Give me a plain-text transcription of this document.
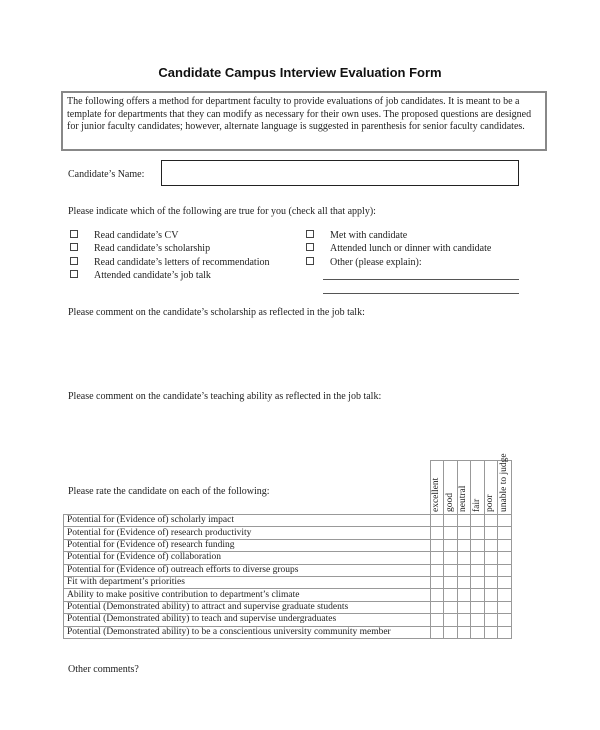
Candidate Campus Interview Evaluation Form
The following offers a method for department faculty to provide evaluations of job candidates. It is meant to be a template for departments that they can modify as necessary for their own uses. The proposed questions are designed for junior faculty candidates; however, alternate language is suggested in parenthesis for senior faculty candidates.
Candidate’s Name:
Please indicate which of the following are true for you (check all that apply):
Read candidate’s CV
Read candidate’s scholarship
Read candidate’s letters of recommendation
Attended candidate’s job talk
Met with candidate
Attended lunch or dinner with candidate
Other (please explain):
Please comment on the candidate’s scholarship as reflected in the job talk:
Please comment on the candidate’s teaching ability as reflected in the job talk:
Please rate the candidate on each of the following:

	excellent	good	neutral	fair	poor	unable to judge

Potential for (Evidence of) scholarly impact						
Potential for (Evidence of) research productivity						
Potential for (Evidence of) research funding						
Potential for (Evidence of) collaboration						
Potential for (Evidence of) outreach efforts to diverse groups						
Fit with department’s priorities						
Ability to make positive contribution to department’s climate						
Potential (Demonstrated ability) to attract and supervise graduate students						
Potential (Demonstrated ability) to teach and supervise undergraduates						
Potential (Demonstrated ability) to be a conscientious university community member						
Other comments?
